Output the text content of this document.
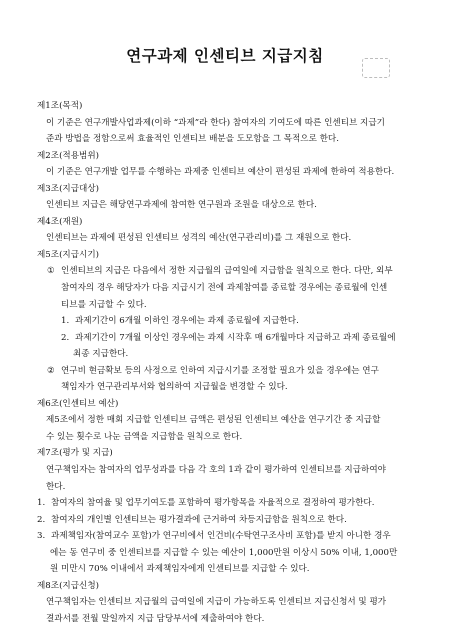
연구과제 인센티브 지급지침
제1조(목적)
이 기준은 연구개발사업과제(이하 “과제”라 한다) 참여자의 기여도에 따른 인센티브 지급기
준과 방법을 정함으로써 효율적인 인센티브 배분을 도모함을 그 목적으로 한다.
제2조(적용범위)
이 기준은 연구개발 업무를 수행하는 과제중 인센티브 예산이 편성된 과제에 한하여 적용한다.
제3조(지급대상)
인센티브 지급은 해당연구과제에 참여한 연구원과 조원을 대상으로 한다.
제4조(재원)
인센티브는 과제에 편성된 인센티브 성격의 예산(연구관리비)를 그 재원으로 한다.
제5조(지급시기)
① 인센티브의 지급은 다음에서 정한 지급월의 급여일에 지급함을 원칙으로 한다. 다만, 외부
참여자의 경우 해당자가 다음 지급시기 전에 과제참여를 종료할 경우에는 종료월에 인센
티브를 지급할 수 있다.
1. 과제기간이 6개월 이하인 경우에는 과제 종료월에 지급한다.
2. 과제기간이 7개월 이상인 경우에는 과제 시작후 매 6개월마다 지급하고 과제 종료월에
최종 지급한다.
② 연구비 현금확보 등의 사정으로 인하여 지급시기를 조정할 필요가 있을 경우에는 연구
책임자가 연구관리부서와 협의하여 지급월을 변경할 수 있다.
제6조(인센티브 예산)
제5조에서 정한 매회 지급할 인센티브 금액은 편성된 인센티브 예산을 연구기간 중 지급할
수 있는 횟수로 나눈 금액을 지급함을 원칙으로 한다.
제7조(평가 및 지급)
연구책임자는 참여자의 업무성과를 다음 각 호의 1과 같이 평가하여 인센티브를 지급하여야
한다.
1. 참여자의 참여율 및 업무기여도를 포함하여 평가항목을 자율적으로 결정하여 평가한다.
2. 참여자의 개인별 인센티브는 평가결과에 근거하여 차등지급함을 원칙으로 한다.
3. 과제책임자(참여교수 포함)가 연구비에서 인건비(수탁연구조사비 포함)를 받지 아니한 경우
에는 동 연구비 중 인센티브를 지급할 수 있는 예산이 1,000만원 이상시 50% 이내, 1,000만
원 미만시 70% 이내에서 과제책임자에게 인센티브를 지급할 수 있다.
제8조(지급신청)
연구책임자는 인센티브 지급월의 급여일에 지급이 가능하도록 인센티브 지급신청서 및 평가
결과서를 전월 말일까지 지급 담당부서에 제출하여야 한다.
